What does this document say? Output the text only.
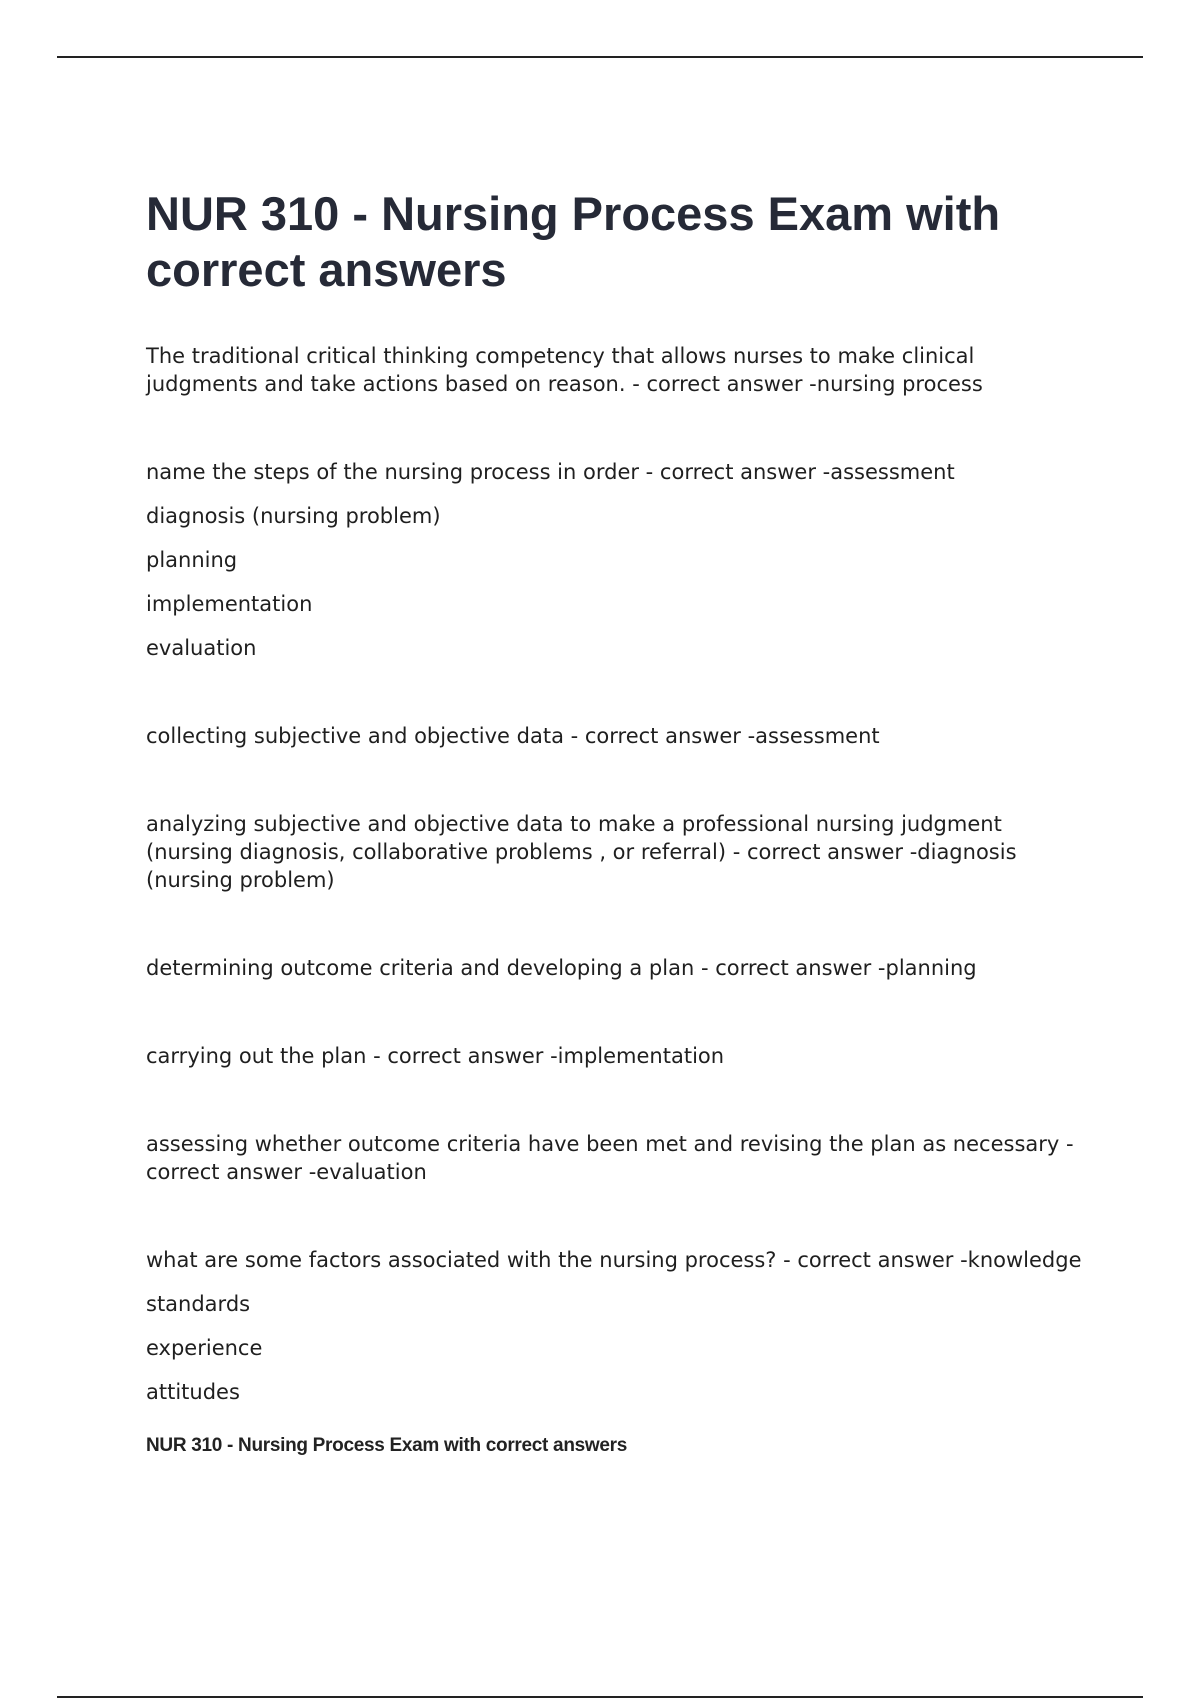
NUR 310 - Nursing Process Exam with correct answers

The traditional critical thinking competency that allows nurses to make clinical judgments and take actions based on reason. - correct answer -nursing process

name the steps of the nursing process in order - correct answer -assessment

diagnosis (nursing problem)

planning

implementation

evaluation

collecting subjective and objective data - correct answer -assessment

analyzing subjective and objective data to make a professional nursing judgment (nursing diagnosis, collaborative problems , or referral) - correct answer -diagnosis (nursing problem)

determining outcome criteria and developing a plan - correct answer -planning

carrying out the plan - correct answer -implementation

assessing whether outcome criteria have been met and revising the plan as necessary - correct answer -evaluation

what are some factors associated with the nursing process? - correct answer -knowledge

standards

experience

attitudes

NUR 310 - Nursing Process Exam with correct answers
